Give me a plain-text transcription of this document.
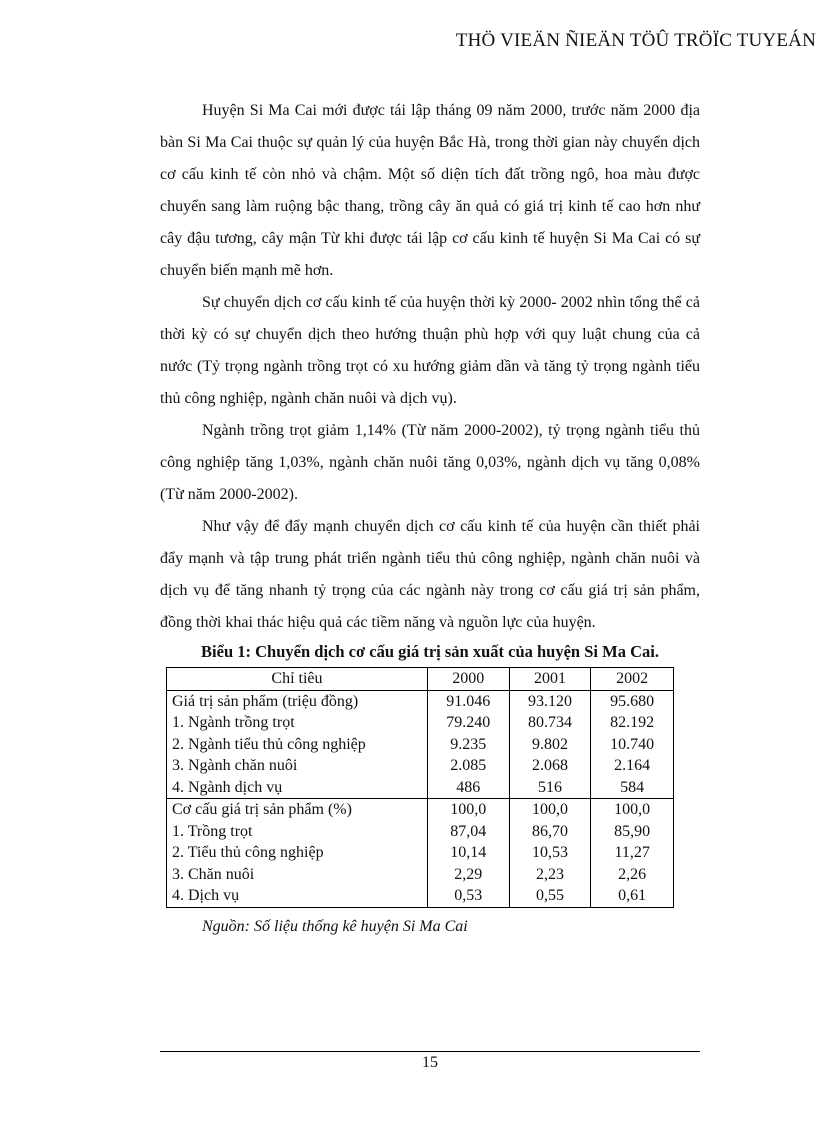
THÖ VIEÄN ÑIEÄN TÖÛ TRÖÏC TUYEÁN

Huyện Si Ma Cai mới được tái lập tháng 09 năm 2000, trước năm 2000 địa bàn Si Ma Cai thuộc sự quản lý của huyện Bắc Hà, trong thời gian này chuyển dịch cơ cấu kinh tế còn nhỏ và chậm. Một số diện tích đất trồng ngô, hoa màu được chuyển sang làm ruộng bậc thang, trồng cây ăn quả có giá trị kinh tế cao hơn như cây đậu tương, cây mận Từ khi được tái lập cơ cấu kinh tế huyện Si Ma Cai có sự chuyển biến mạnh mẽ hơn.

Sự chuyển dịch cơ cấu kinh tế của huyện thời kỳ 2000- 2002 nhìn tổng thể cả thời kỳ có sự chuyển dịch theo hướng thuận phù hợp với quy luật chung của cả nước (Tỷ trọng ngành trồng trọt có xu hướng giảm dần và tăng tỷ trọng ngành tiểu thủ công nghiệp, ngành chăn nuôi và dịch vụ).

Ngành trồng trọt giảm 1,14% (Từ năm 2000-2002), tỷ trọng ngành tiểu thủ công nghiệp tăng 1,03%, ngành chăn nuôi tăng 0,03%, ngành dịch vụ tăng 0,08% (Từ năm 2000-2002).

Như vậy để đẩy mạnh chuyển dịch cơ cấu kinh tế của huyện cần thiết phải đẩy mạnh và tập trung phát triển ngành tiểu thủ công nghiệp, ngành chăn nuôi và dịch vụ để tăng nhanh tỷ trọng của các ngành này trong cơ cấu giá trị sản phẩm, đồng thời khai thác hiệu quả các tiềm năng và nguồn lực của huyện.

Biểu 1: Chuyển dịch cơ cấu giá trị sản xuất của huyện Si Ma Cai.
Chỉ tiêu	2000	2001	2002
Giá trị sản phẩm (triệu đồng)	91.046	93.120	95.680
1. Ngành trồng trọt	79.240	80.734	82.192
2. Ngành tiểu thủ công nghiệp	9.235	9.802	10.740
3. Ngành chăn nuôi	2.085	2.068	2.164
4. Ngành dịch vụ	486	516	584
Cơ cấu giá trị sản phẩm (%)	100,0	100,0	100,0
1. Trồng trọt	87,04	86,70	85,90
2. Tiểu thủ công nghiệp	10,14	10,53	11,27
3. Chăn nuôi	2,29	2,23	2,26
4. Dịch vụ	0,53	0,55	0,61
Nguồn: Số liệu thống kê huyện Si Ma Cai
15
